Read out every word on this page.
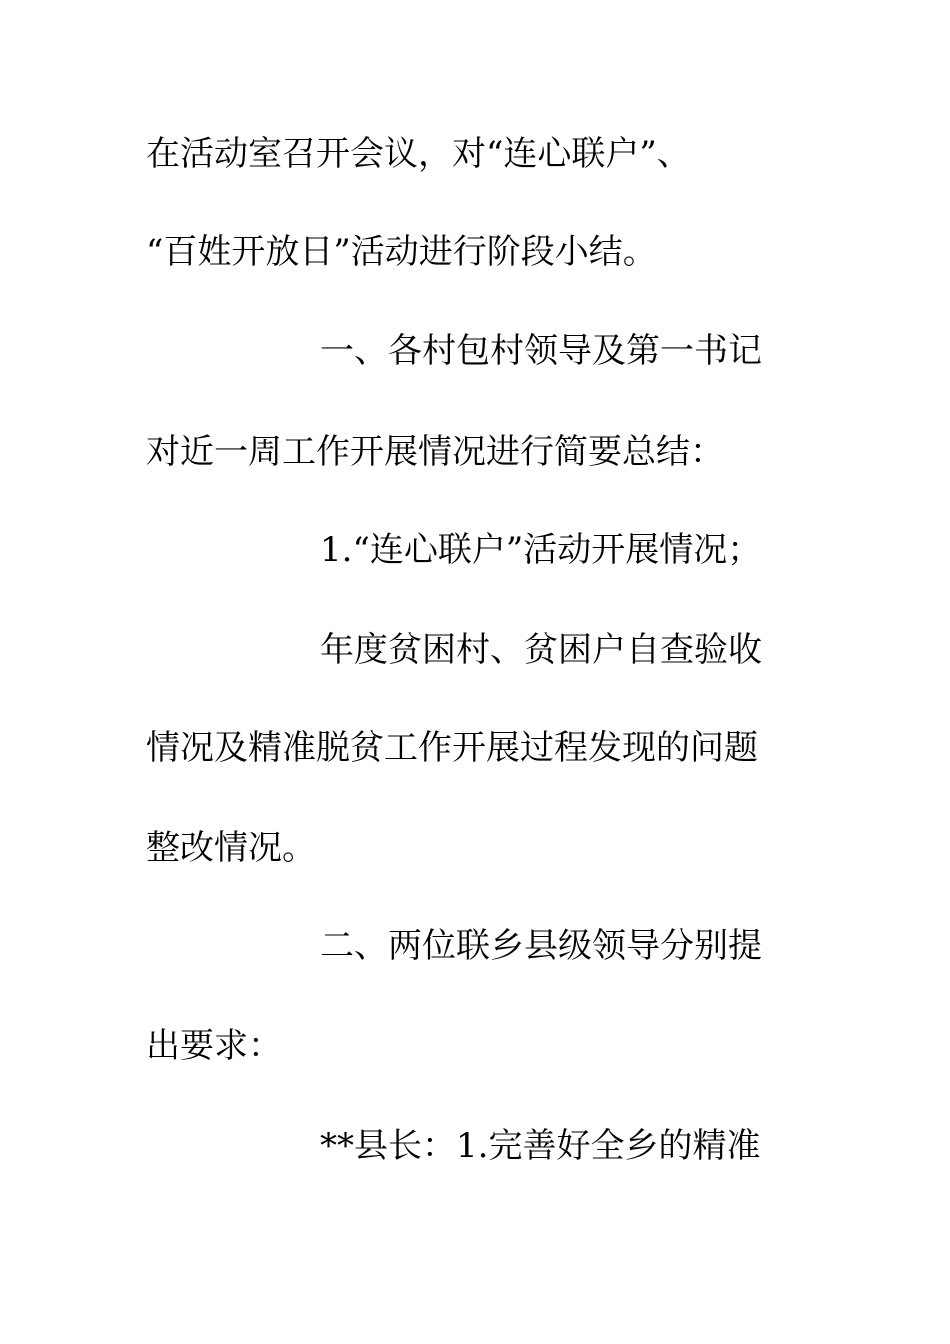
在活动室召开会议，对“连心联户”、
“百姓开放日”活动进行阶段小结。
一、各村包村领导及第一书记
对近一周工作开展情况进行简要总结：
1.“连心联户”活动开展情况；
年度贫困村、贫困户自查验收
情况及精准脱贫工作开展过程发现的问题
整改情况。
二、两位联乡县级领导分别提
出要求：
**县长：1.完善好全乡的精准
